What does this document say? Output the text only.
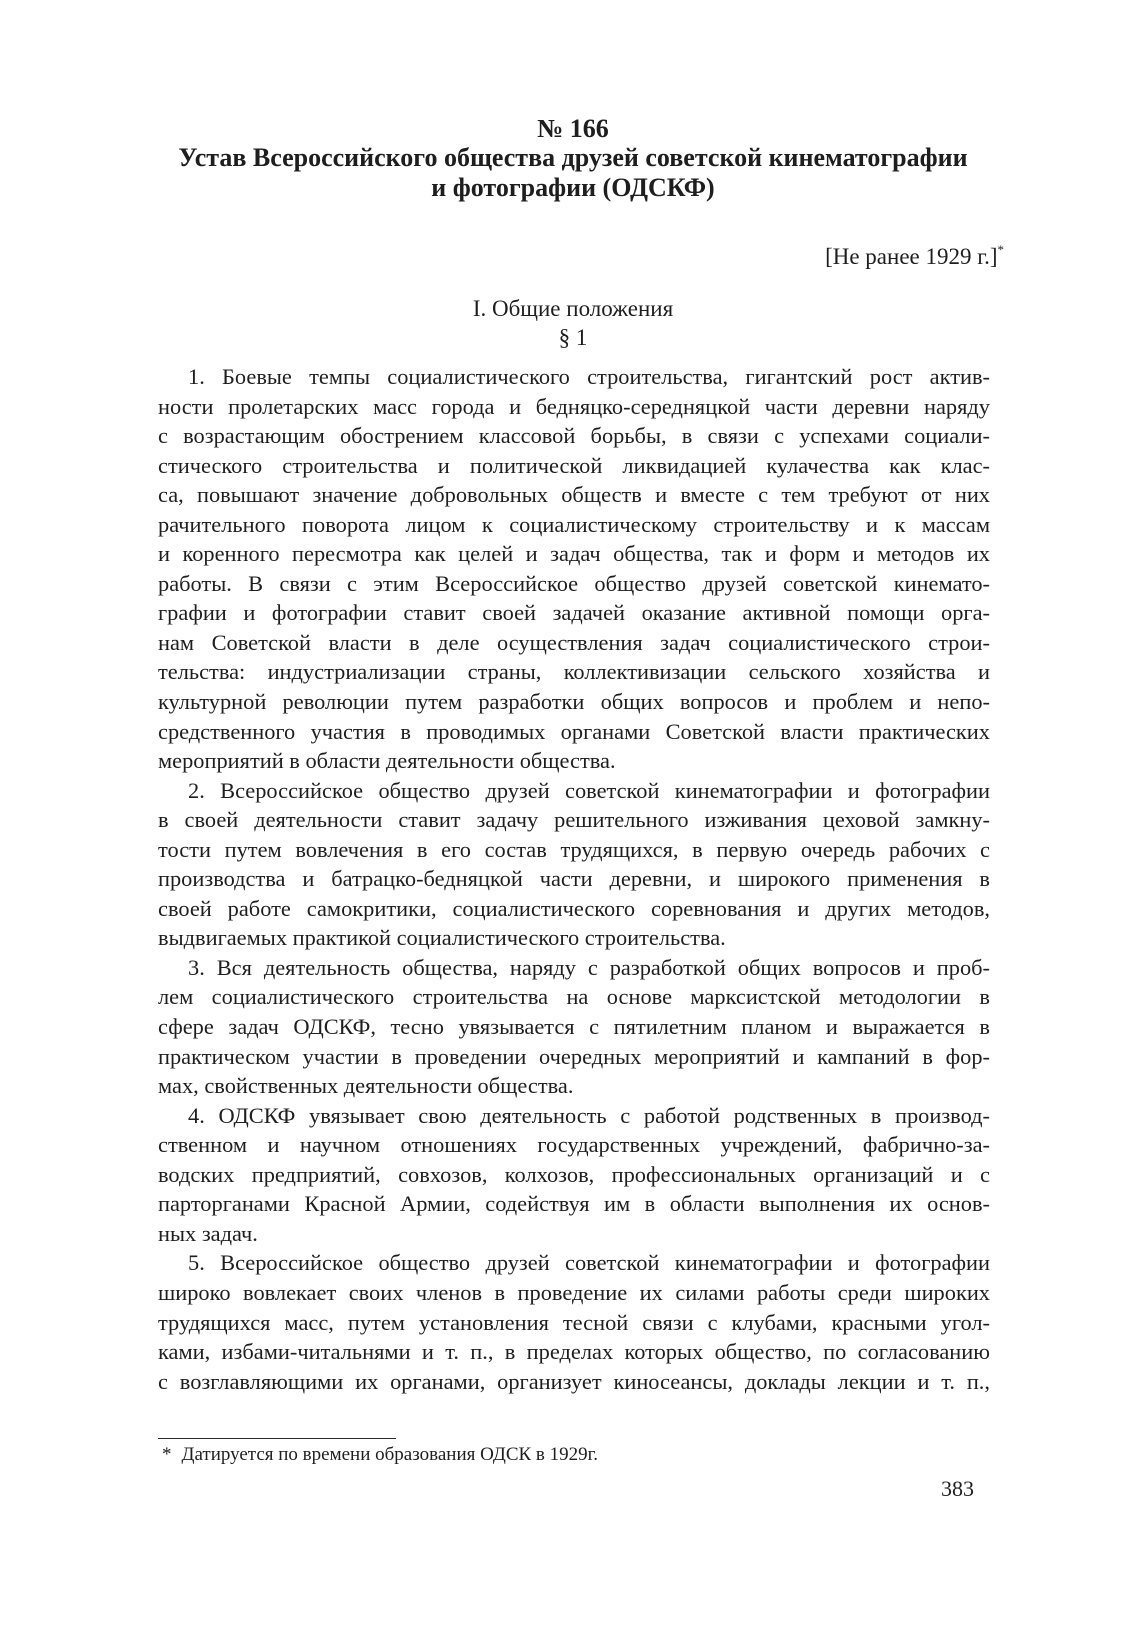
№ 166
Устав Всероссийского общества друзей советской кинематографии
и фотографии (ОДСКФ)
[Не ранее 1929 г.]*
I. Общие положения
§ 1
1. Боевые темпы социалистического строительства, гигантский рост актив-
ности пролетарских масс города и бедняцко-середняцкой части деревни наряду
с возрастающим обострением классовой борьбы, в связи с успехами социали-
стического строительства и политической ликвидацией кулачества как клас-
са, повышают значение добровольных обществ и вместе с тем требуют от них
рачительного поворота лицом к социалистическому строительству и к массам
и коренного пересмотра как целей и задач общества, так и форм и методов их
работы. В связи с этим Всероссийское общество друзей советской кинемато-
графии и фотографии ставит своей задачей оказание активной помощи орга-
нам Советской власти в деле осуществления задач социалистического строи-
тельства: индустриализации страны, коллективизации сельского хозяйства и
культурной революции путем разработки общих вопросов и проблем и непо-
средственного участия в проводимых органами Советской власти практических
мероприятий в области деятельности общества.
2. Всероссийское общество друзей советской кинематографии и фотографии
в своей деятельности ставит задачу решительного изживания цеховой замкну-
тости путем вовлечения в его состав трудящихся, в первую очередь рабочих с
производства и батрацко-бедняцкой части деревни, и широкого применения в
своей работе самокритики, социалистического соревнования и других методов,
выдвигаемых практикой социалистического строительства.
3. Вся деятельность общества, наряду с разработкой общих вопросов и проб-
лем социалистического строительства на основе марксистской методологии в
сфере задач ОДСКФ, тесно увязывается с пятилетним планом и выражается в
практическом участии в проведении очередных мероприятий и кампаний в фор-
мах, свойственных деятельности общества.
4. ОДСКФ увязывает свою деятельность с работой родственных в производ-
ственном и научном отношениях государственных учреждений, фабрично-за-
водских предприятий, совхозов, колхозов, профессиональных организаций и с
парторганами Красной Армии, содействуя им в области выполнения их основ-
ных задач.
5. Всероссийское общество друзей советской кинематографии и фотографии
широко вовлекает своих членов в проведение их силами работы среди широких
трудящихся масс, путем установления тесной связи с клубами, красными угол-
ками, избами-читальнями и т. п., в пределах которых общество, по согласованию
с возглавляющими их органами, организует киносеансы, доклады лекции и т. п.,
* Датируется по времени образования ОДСК в 1929г.
383
